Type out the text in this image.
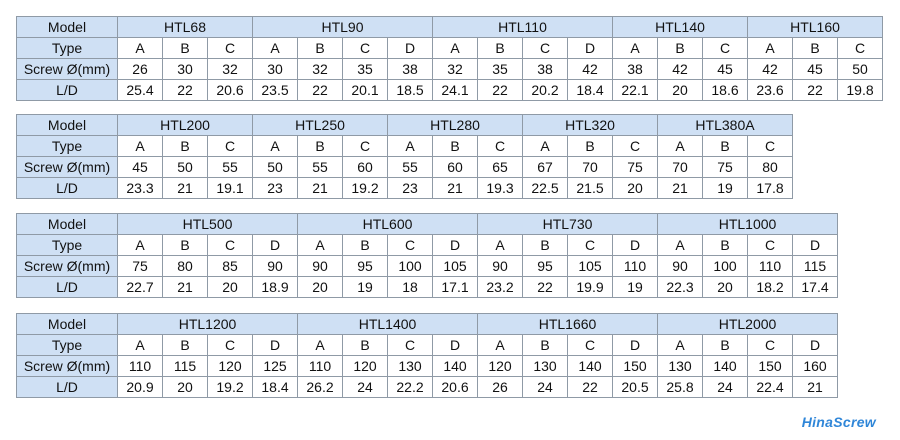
Model	HTL68			HTL90				HTL110				HTL140			HTL160		
Type	A	B	C	A	B	C	D	A	B	C	D	A	B	C	A	B	C
Screw Ø(mm)	26	30	32	30	32	35	38	32	35	38	42	38	42	45	42	45	50
L/D	25.4	22	20.6	23.5	22	20.1	18.5	24.1	22	20.2	18.4	22.1	20	18.6	23.6	22	19.8
Model	HTL200			HTL250			HTL280			HTL320			HTL380A		
Type	A	B	C	A	B	C	A	B	C	A	B	C	A	B	C
Screw Ø(mm)	45	50	55	50	55	60	55	60	65	67	70	75	70	75	80
L/D	23.3	21	19.1	23	21	19.2	23	21	19.3	22.5	21.5	20	21	19	17.8
Model	HTL500				HTL600				HTL730				HTL1000			
Type	A	B	C	D	A	B	C	D	A	B	C	D	A	B	C	D
Screw Ø(mm)	75	80	85	90	90	95	100	105	90	95	105	110	90	100	110	115
L/D	22.7	21	20	18.9	20	19	18	17.1	23.2	22	19.9	19	22.3	20	18.2	17.4
Model	HTL1200				HTL1400				HTL1660				HTL2000			
Type	A	B	C	D	A	B	C	D	A	B	C	D	A	B	C	D
Screw Ø(mm)	110	115	120	125	110	120	130	140	120	130	140	150	130	140	150	160
L/D	20.9	20	19.2	18.4	26.2	24	22.2	20.6	26	24	22	20.5	25.8	24	22.4	21
HinaScrew
